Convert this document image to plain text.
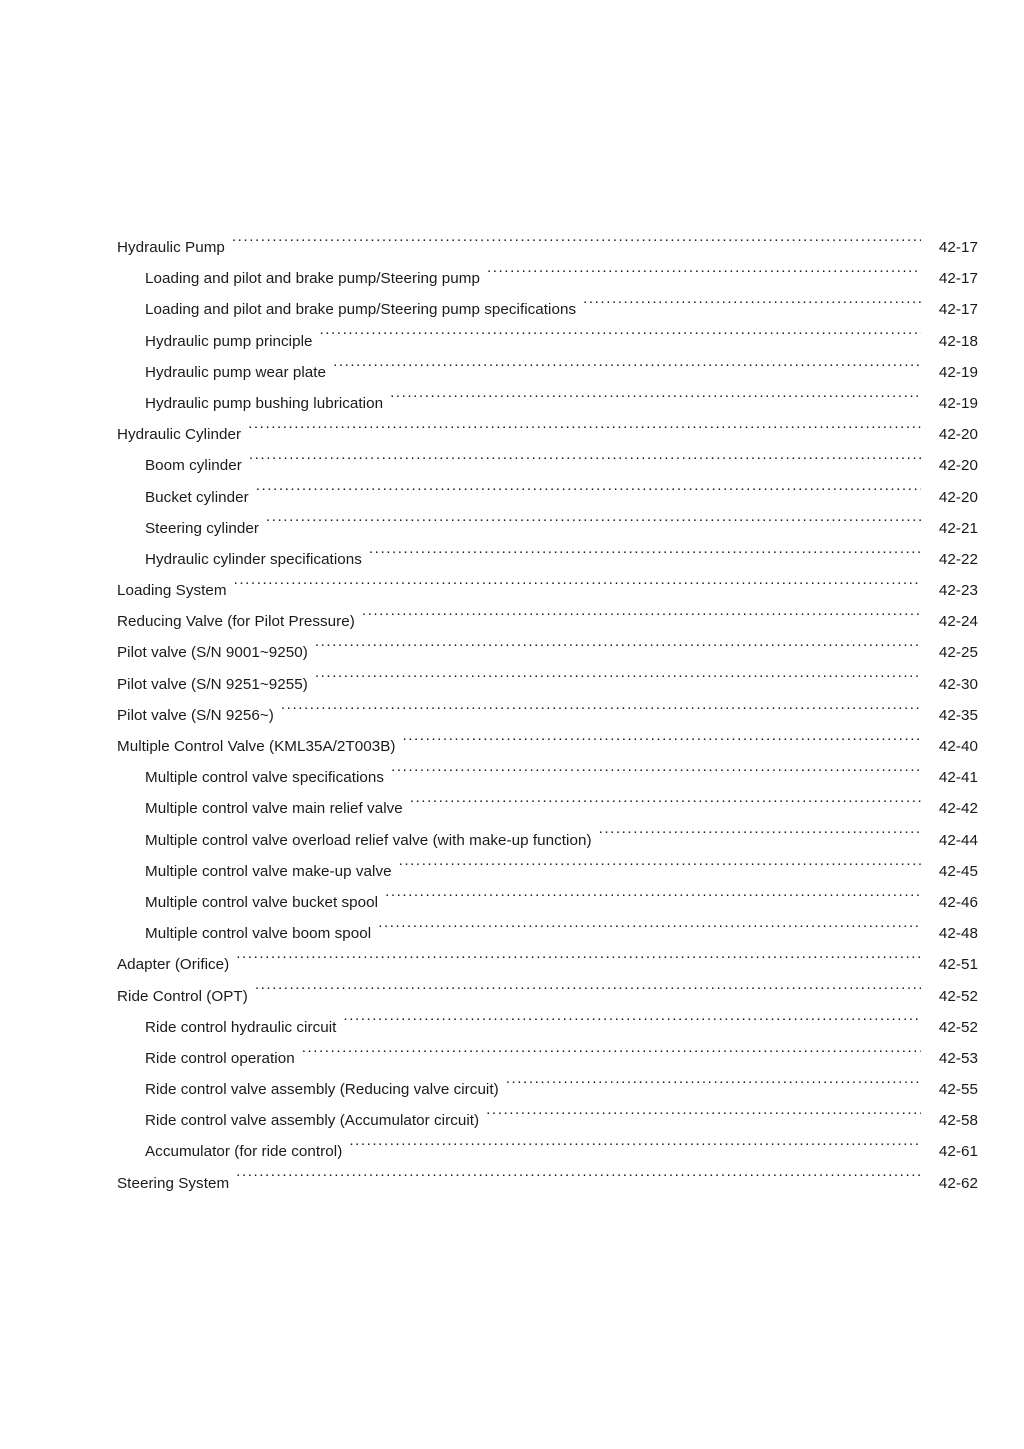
Hydraulic Pump .....	42-17
Loading and pilot and brake pump/Steering pump .....	42-17
Loading and pilot and brake pump/Steering pump specifications .....	42-17
Hydraulic pump principle .....	42-18
Hydraulic pump wear plate .....	42-19
Hydraulic pump bushing lubrication .....	42-19
Hydraulic Cylinder .....	42-20
Boom cylinder .....	42-20
Bucket cylinder .....	42-20
Steering cylinder .....	42-21
Hydraulic cylinder specifications .....	42-22
Loading System .....	42-23
Reducing Valve (for Pilot Pressure) .....	42-24
Pilot valve (S/N 9001~9250) .....	42-25
Pilot valve (S/N 9251~9255) .....	42-30
Pilot valve (S/N 9256~) .....	42-35
Multiple Control Valve (KML35A/2T003B) .....	42-40
Multiple control valve specifications .....	42-41
Multiple control valve main relief valve .....	42-42
Multiple control valve overload relief valve (with make-up function) .....	42-44
Multiple control valve make-up valve .....	42-45
Multiple control valve bucket spool .....	42-46
Multiple control valve boom spool .....	42-48
Adapter (Orifice) .....	42-51
Ride Control (OPT) .....	42-52
Ride control hydraulic circuit .....	42-52
Ride control operation .....	42-53
Ride control valve assembly (Reducing valve circuit) .....	42-55
Ride control valve assembly (Accumulator circuit) .....	42-58
Accumulator (for ride control) .....	42-61
Steering System .....	42-62
